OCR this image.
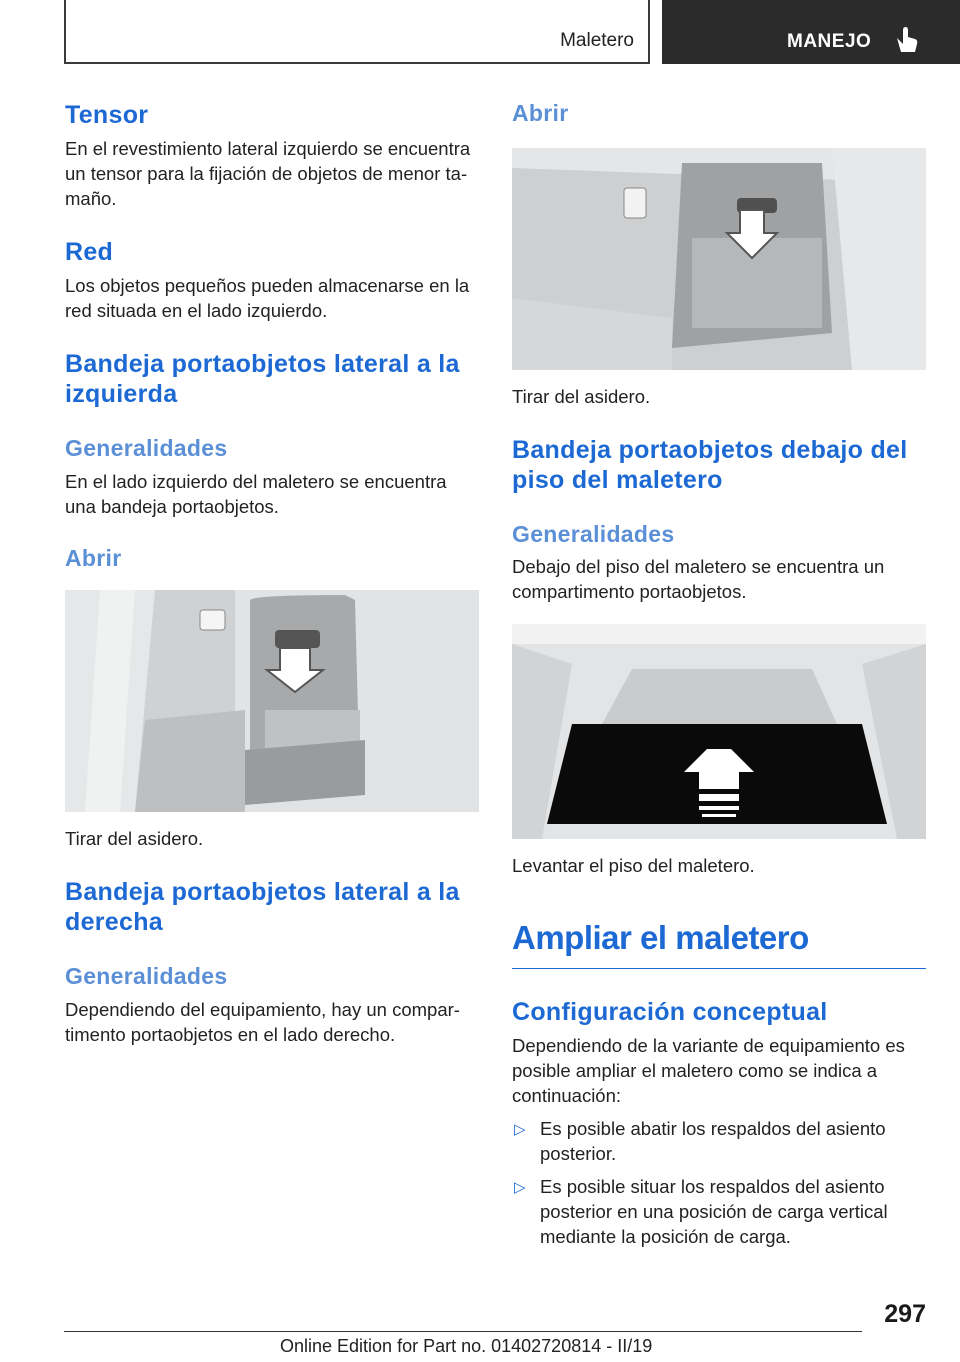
Maletero	MANEJO
Tensor

En el revestimiento lateral izquierdo se encuentra un tensor para la fijación de objetos de menor ta‐maño.

Red

Los objetos pequeños pueden almacenarse en la red situada en el lado izquierdo.

Bandeja portaobjetos lateral a la izquierda
Generalidades

En el lado izquierdo del maletero se encuentra una bandeja portaobjetos.

Abrir

Tirar del asidero.

Bandeja portaobjetos lateral a la derecha
Generalidades

Dependiendo del equipamiento, hay un compar‐timento portaobjetos en el lado derecho.

Abrir

Tirar del asidero.

Bandeja portaobjetos debajo del piso del maletero
Generalidades

Debajo del piso del maletero se encuentra un compartimento portaobjetos.

Levantar el piso del maletero.

Ampliar el maletero
Configuración conceptual

Dependiendo de la variante de equipamiento es posible ampliar el maletero como se indica a continuación:

▷ Es posible abatir los respaldos del asiento posterior.
▷ Es posible situar los respaldos del asiento posterior en una posición de carga vertical mediante la posición de carga.
297
Online Edition for Part no. 01402720814 - II/19
